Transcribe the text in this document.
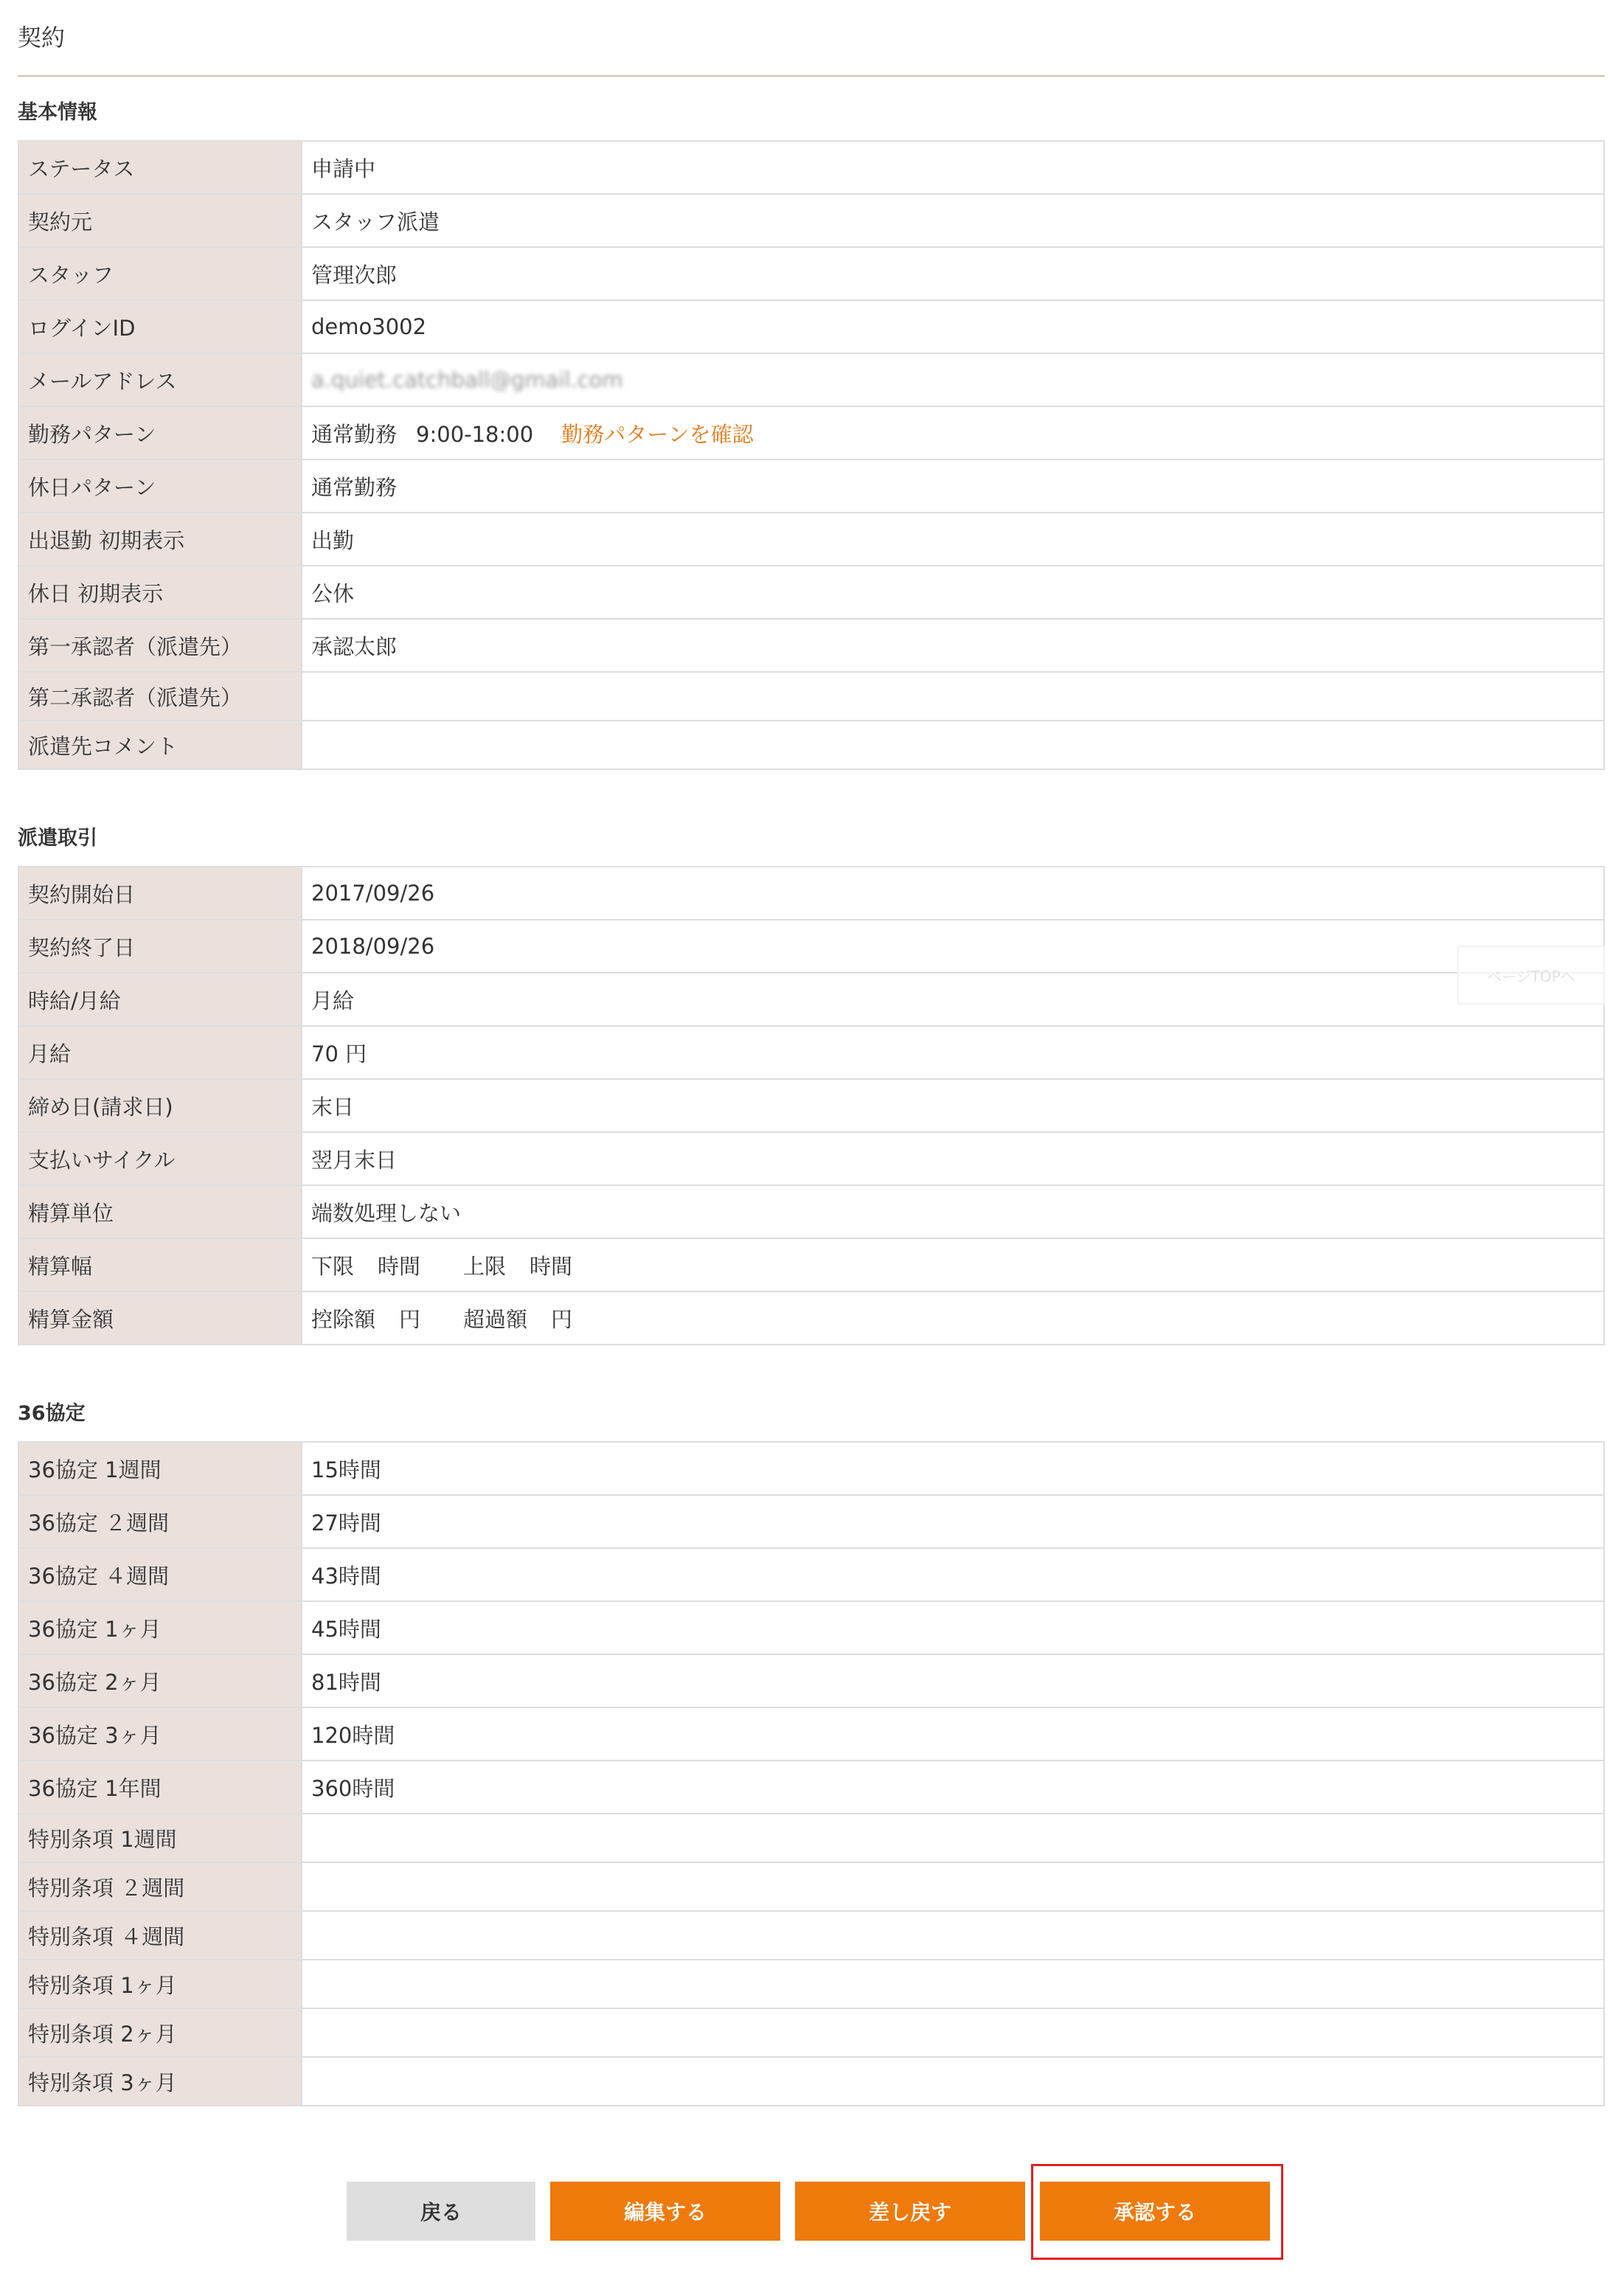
契約
基本情報
ステータス	申請中
契約元	スタッフ派遣
スタッフ	管理次郎
ログインID	demo3002
メールアドレス	a.quiet.catchball@gmail.com
勤務パターン	通常勤務 9:00-18:00 勤務パターンを確認
休日パターン	通常勤務
出退勤 初期表示	出勤
休日 初期表示	公休
第一承認者（派遣先）	承認太郎
第二承認者（派遣先）	
派遣先コメント	
派遣取引
契約開始日	2017/09/26
契約終了日	2018/09/26
時給/月給	月給
月給	70 円
締め日(請求日)	末日
支払いサイクル	翌月末日
精算単位	端数処理しない
精算幅	下限 時間 上限 時間
精算金額	控除額 円 超過額 円
36協定
36協定 1週間	15時間
36協定 ２週間	27時間
36協定 ４週間	43時間
36協定 1ヶ月	45時間
36協定 2ヶ月	81時間
36協定 3ヶ月	120時間
36協定 1年間	360時間
特別条項 1週間	
特別条項 ２週間	
特別条項 ４週間	
特別条項 1ヶ月	
特別条項 2ヶ月	
特別条項 3ヶ月	
ページTOPへ
戻る	編集する	差し戻す	承認する
